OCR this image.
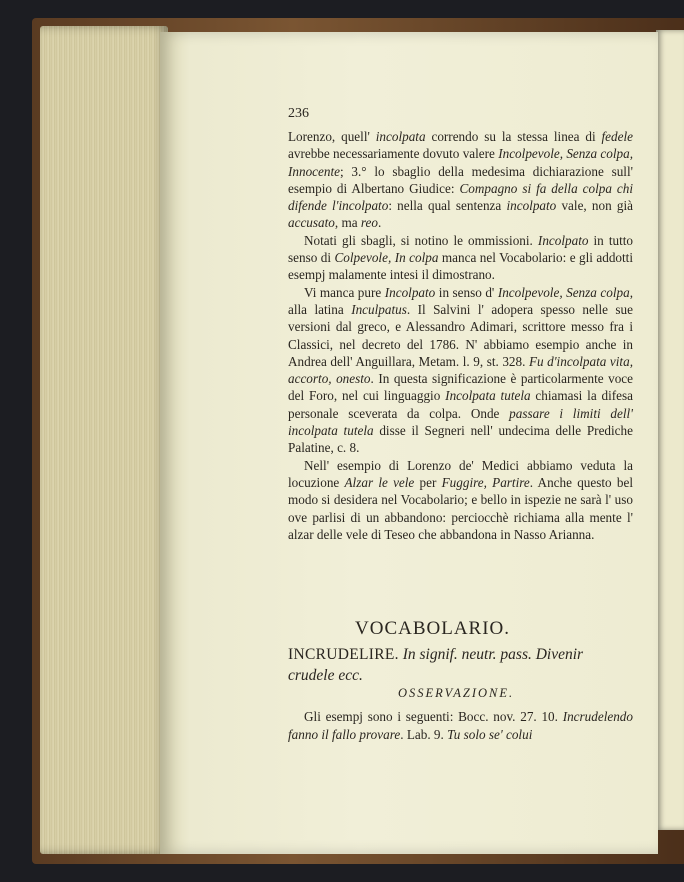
236

Lorenzo, quell' incolpata correndo su la stessa linea di fedele avrebbe necessariamente dovuto valere Incolpevole, Senza colpa, Innocente; 3.° lo sbaglio della medesima dichiarazione sull' esempio di Albertano Giudice: Compagno si fa della colpa chi difende l'incolpato: nella qual sentenza incolpato vale, non già accusato, ma reo.

Notati gli sbagli, si notino le ommissioni. Incolpato in tutto senso di Colpevole, In colpa manca nel Vocabolario: e gli addotti esempj malamente intesi il dimostrano.

Vi manca pure Incolpato in senso d' Incolpevole, Senza colpa, alla latina Inculpatus. Il Salvini l' adopera spesso nelle sue versioni dal greco, e Alessandro Adimari, scrittore messo fra i Classici, nel decreto del 1786. N' abbiamo esempio anche in Andrea dell' Anguillara, Metam. l. 9, st. 328. Fu d'incolpata vita, accorto, onesto. In questa significazione è particolarmente voce del Foro, nel cui linguaggio Incolpata tutela chiamasi la difesa personale sceverata da colpa. Onde passare i limiti dell' incolpata tutela disse il Segneri nell' undecima delle Prediche Palatine, c. 8.

Nell' esempio di Lorenzo de' Medici abbiamo veduta la locuzione Alzar le vele per Fuggire, Partire. Anche questo bel modo si desidera nel Vocabolario; e bello in ispezie ne sarà l' uso ove parlisi di un abbandono: perciocchè richiama alla mente l' alzar delle vele di Teseo che abbandona in Nasso Arianna.

VOCABOLARIO.
INCRUDELIRE. In signif. neutr. pass. Divenir crudele ecc.
OSSERVAZIONE.

Gli esempj sono i seguenti: Bocc. nov. 27. 10. Incrudelendo fanno il fallo provare. Lab. 9. Tu solo se' colui
